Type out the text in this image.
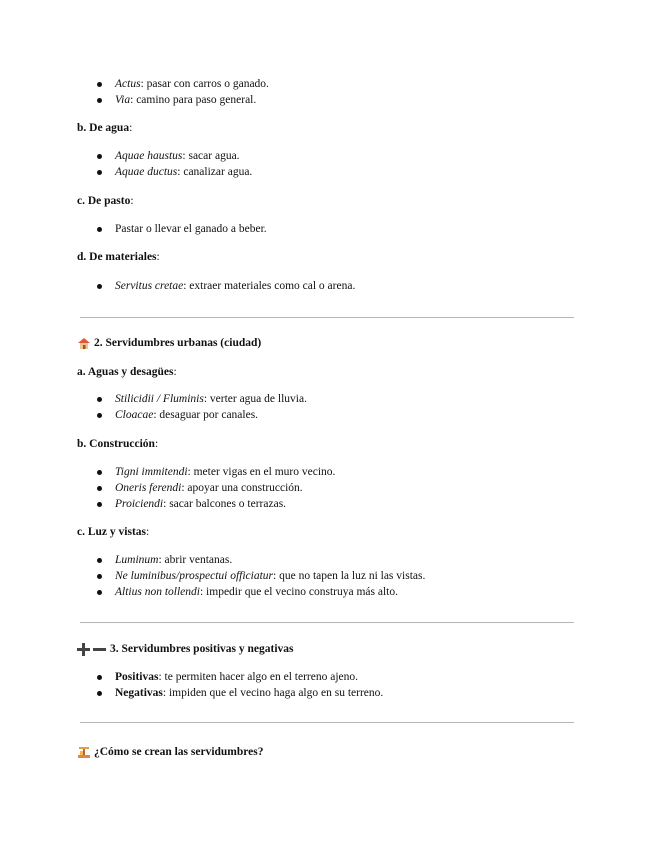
Actus: pasar con carros o ganado.
Via: camino para paso general.
b. De agua:
Aquae haustus: sacar agua.
Aquae ductus: canalizar agua.
c. De pasto:
Pastar o llevar el ganado a beber.
d. De materiales:
Servitus cretae: extraer materiales como cal o arena.
2. Servidumbres urbanas (ciudad)
a. Aguas y desagües:
Stilicidii / Fluminis: verter agua de lluvia.
Cloacae: desaguar por canales.
b. Construcción:
Tigni immitendi: meter vigas en el muro vecino.
Oneris ferendi: apoyar una construcción.
Proiciendi: sacar balcones o terrazas.
c. Luz y vistas:
Luminum: abrir ventanas.
Ne luminibus/prospectui officiatur: que no tapen la luz ni las vistas.
Altius non tollendi: impedir que el vecino construya más alto.
3. Servidumbres positivas y negativas
Positivas: te permiten hacer algo en el terreno ajeno.
Negativas: impiden que el vecino haga algo en su terreno.
¿Cómo se crean las servidumbres?
